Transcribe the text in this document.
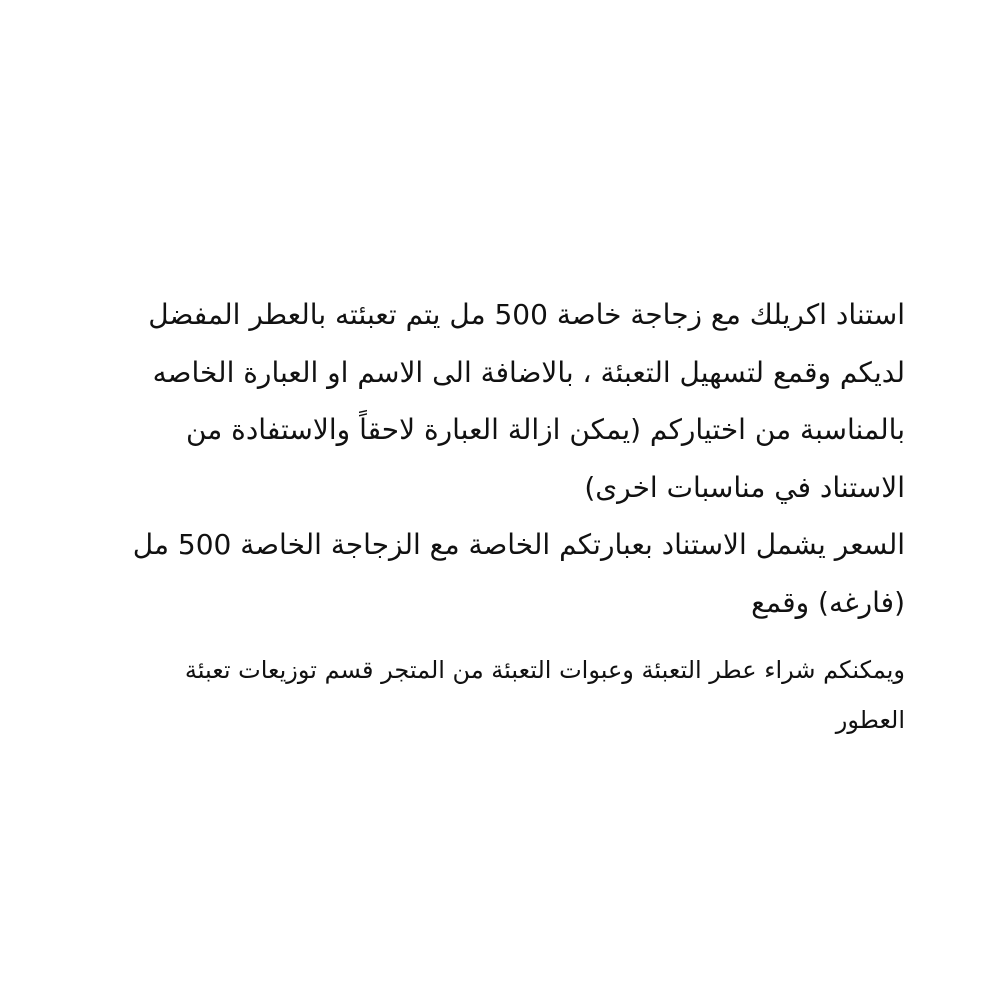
استناد اكريلك مع زجاجة خاصة 500 مل يتم تعبئته بالعطر المفضل لديكم وقمع لتسهيل التعبئة ، بالاضافة الى الاسم او العبارة الخاصه بالمناسبة من اختياركم (يمكن ازالة العبارة لاحقاً والاستفادة من الاستناد في مناسبات اخرى)

السعر يشمل الاستناد بعبارتكم الخاصة مع الزجاجة الخاصة 500 مل (فارغه) وقمع

ويمكنكم شراء عطر التعبئة وعبوات التعبئة من المتجر قسم توزيعات تعبئة العطور
